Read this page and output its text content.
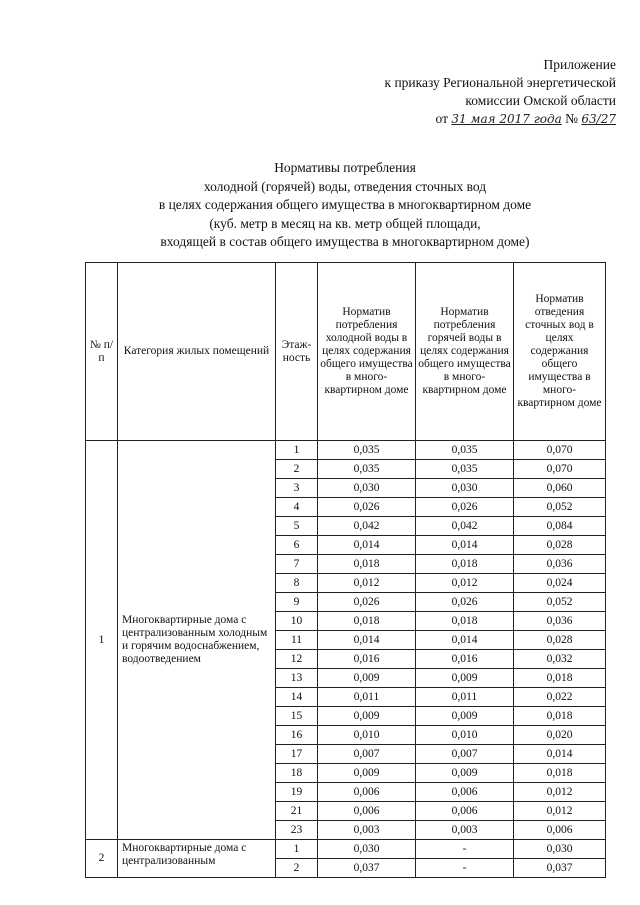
Приложение
к приказу Региональной энергетической
комиссии Омской области
от 31 мая 2017 года № 63/27
Нормативы потребления
холодной (горячей) воды, отведения сточных вод
в целях содержания общего имущества в многоквартирном доме
(куб. метр в месяц на кв. метр общей площади,
входящей в состав общего имущества в многоквартирном доме)
№ п/п	Категория жилых помещений	Этаж-ность	Норматив потребления холодной воды в целях содержания общего имущества в много-квартирном доме	Норматив потребления горячей воды в целях содержания общего имущества в много-квартирном доме	Норматив отведения сточных вод в целях содержания общего имущества в много-квартирном доме
1	Многоквартирные дома с централизованным холодным и горячим водоснабжением, водоотведением	1	0,035	0,035	0,070
		2	0,035	0,035	0,070
		3	0,030	0,030	0,060
		4	0,026	0,026	0,052
		5	0,042	0,042	0,084
		6	0,014	0,014	0,028
		7	0,018	0,018	0,036
		8	0,012	0,012	0,024
		9	0,026	0,026	0,052
		10	0,018	0,018	0,036
		11	0,014	0,014	0,028
		12	0,016	0,016	0,032
		13	0,009	0,009	0,018
		14	0,011	0,011	0,022
		15	0,009	0,009	0,018
		16	0,010	0,010	0,020
		17	0,007	0,007	0,014
		18	0,009	0,009	0,018
		19	0,006	0,006	0,012
		21	0,006	0,006	0,012
		23	0,003	0,003	0,006
2	Многоквартирные дома с централизованным	1	0,030	-	0,030
		2	0,037	-	0,037
